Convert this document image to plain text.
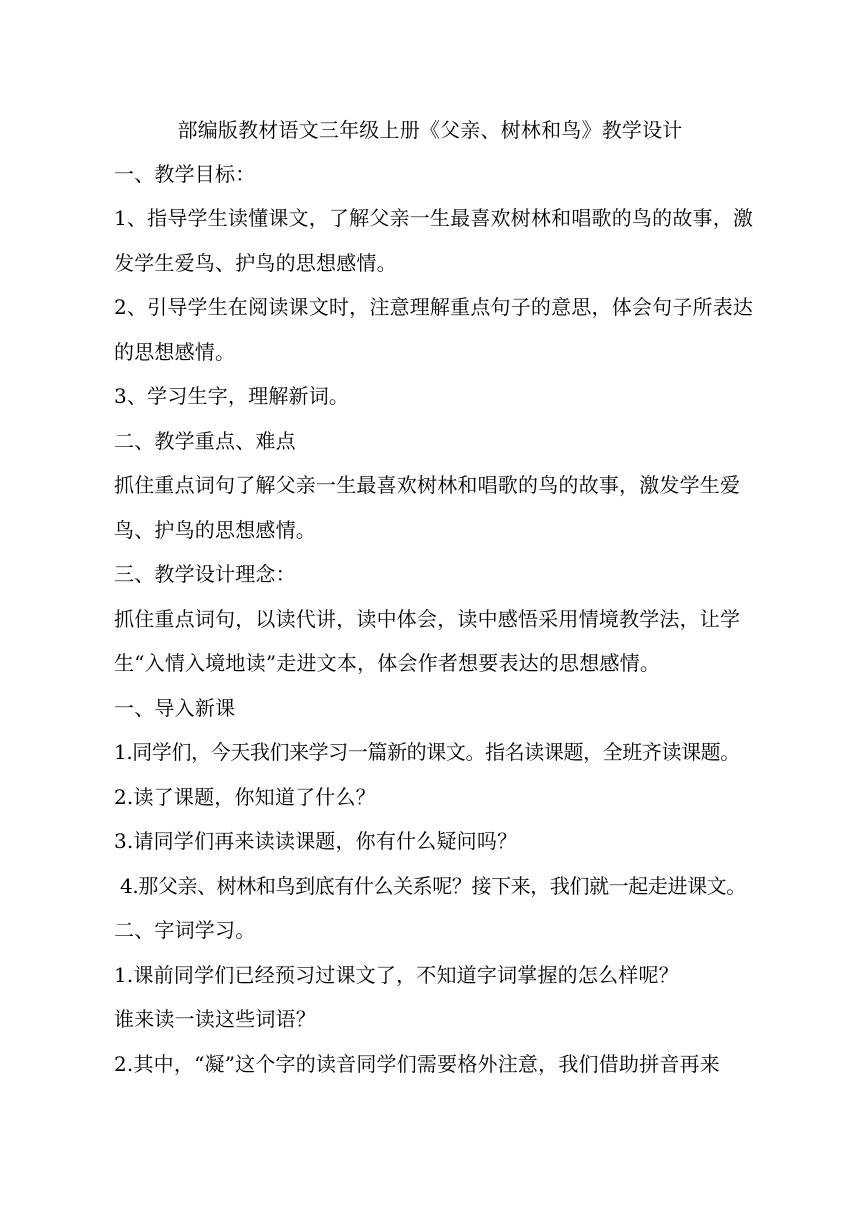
部编版教材语文三年级上册《父亲、树林和鸟》教学设计
一、教学目标：
1、指导学生读懂课文，了解父亲一生最喜欢树林和唱歌的鸟的故事，激
发学生爱鸟、护鸟的思想感情。
2、引导学生在阅读课文时，注意理解重点句子的意思，体会句子所表达
的思想感情。
3、学习生字，理解新词。
二、教学重点、难点
抓住重点词句了解父亲一生最喜欢树林和唱歌的鸟的故事，激发学生爱
鸟、护鸟的思想感情。
三、教学设计理念：
抓住重点词句，以读代讲，读中体会，读中感悟采用情境教学法，让学
生“入情入境地读”走进文本，体会作者想要表达的思想感情。
一、导入新课
1.同学们，今天我们来学习一篇新的课文。指名读课题，全班齐读课题。
2.读了课题，你知道了什么？
3.请同学们再来读读课题，你有什么疑问吗？
4.那父亲、树林和鸟到底有什么关系呢？接下来，我们就一起走进课文。
二、字词学习。
1.课前同学们已经预习过课文了，不知道字词掌握的怎么样呢？
谁来读一读这些词语？
2.其中，“凝”这个字的读音同学们需要格外注意，我们借助拼音再来
